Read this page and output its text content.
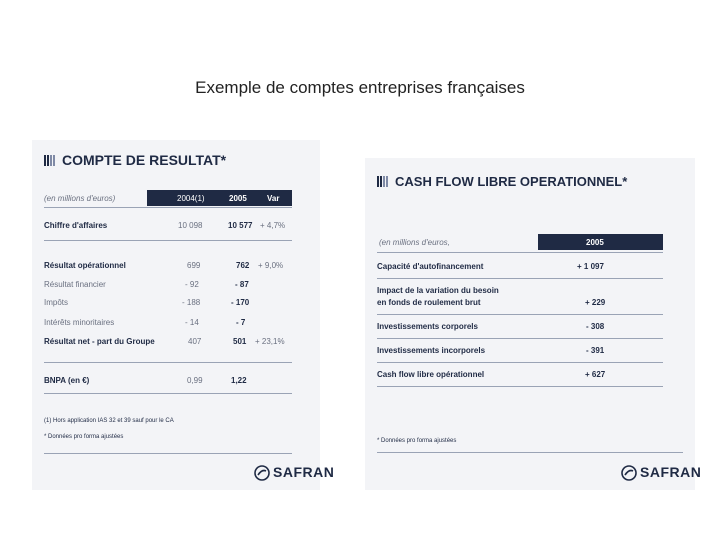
Exemple de comptes entreprises françaises
COMPTE DE RESULTAT*
(en millions d'euros)	2004(1)	2005	Var
Chiffre d'affaires	10 098	10 577 + 4,7%
Résultat opérationnel	699	762 + 9,0%
Résultat financier	- 92	- 87
Impôts	- 188	- 170
Intérêts minoritaires	- 14	- 7
Résultat net - part du Groupe	407	501 + 23,1%
BNPA (en €)	0,99	1,22
(1) Hors application IAS 32 et 39 sauf pour le CA
* Données pro forma ajustées
SAFRAN
CASH FLOW LIBRE OPERATIONNEL*
(en millions d'euros,	2005
Capacité d'autofinancement	+ 1 097
Impact de la variation du besoin
en fonds de roulement brut	+ 229
Investissements corporels	- 308
Investissements incorporels	- 391
Cash flow libre opérationnel	+ 627
* Données pro forma ajustées
SAFRAN
